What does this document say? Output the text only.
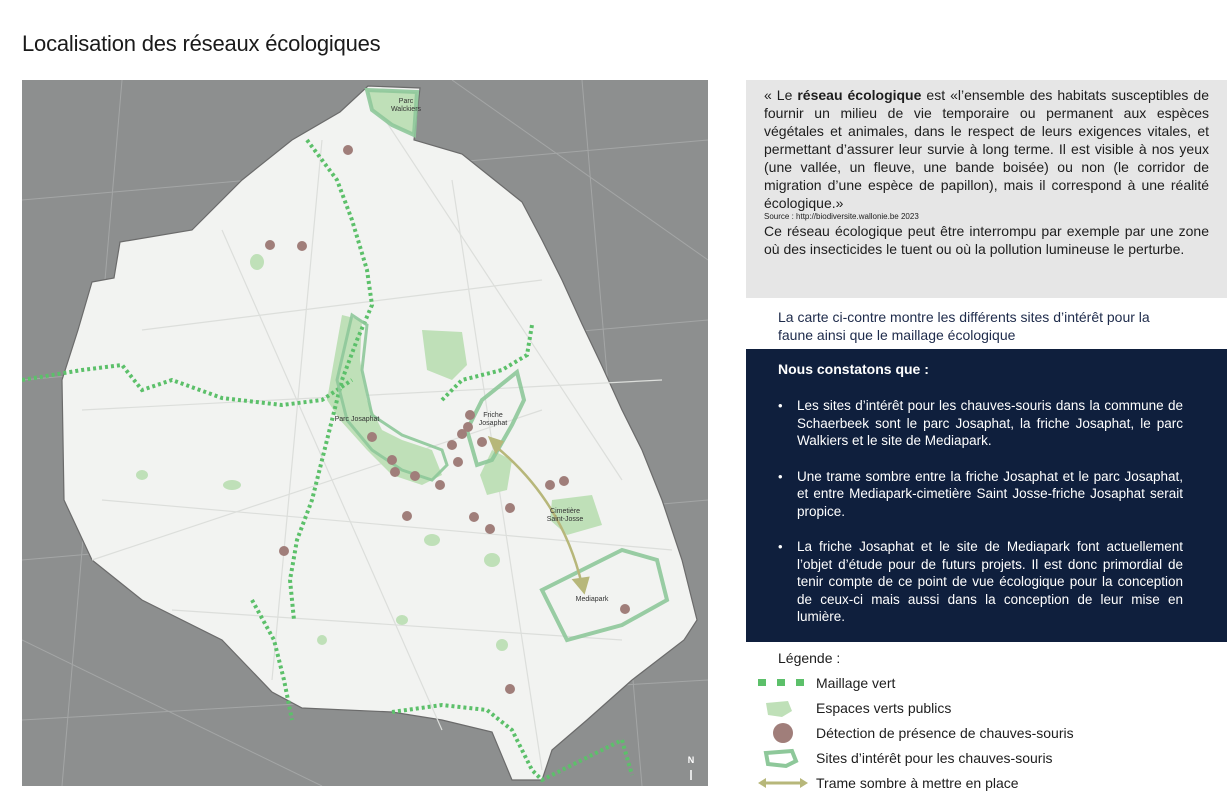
Localisation des réseaux écologiques
Parc Walckiers
Parc Josaphat
Friche Josaphat
Cimetière Saint-Josse
Mediapark
N
« Le réseau écologique est «l’ensemble des habitats susceptibles de fournir un milieu de vie temporaire ou permanent aux espèces végétales et animales, dans le respect de leurs exigences vitales, et permettant d’assurer leur survie à long terme. Il est visible à nos yeux (une vallée, un fleuve, une bande boisée) ou non (le corridor de migration d’une espèce de papillon), mais il correspond à une réalité écologique.»
Source : http://biodiversite.wallonie.be 2023
Ce réseau écologique peut être interrompu par exemple par une zone où des insecticides le tuent ou où la pollution lumineuse le perturbe.
La carte ci-contre montre les différents sites d’intérêt pour la faune ainsi que le maillage écologique
Nous constatons que :
• Les sites d’intérêt pour les chauves-souris dans la commune de Schaerbeek sont le parc Josaphat, la friche Josaphat, le parc Walkiers et le site de Mediapark.
• Une trame sombre entre la friche Josaphat et le parc Josaphat, et entre Mediapark-cimetière Saint Josse-friche Josaphat serait propice.
• La friche Josaphat et le site de Mediapark font actuellement l’objet d’étude pour de futurs projets. Il est donc primordial de tenir compte de ce point de vue écologique pour la conception de ceux-ci mais aussi dans la conception de leur mise en lumière.
Légende :
Maillage vert
Espaces verts publics
Détection de présence de chauves-souris
Sites d’intérêt pour les chauves-souris
Trame sombre à mettre en place
